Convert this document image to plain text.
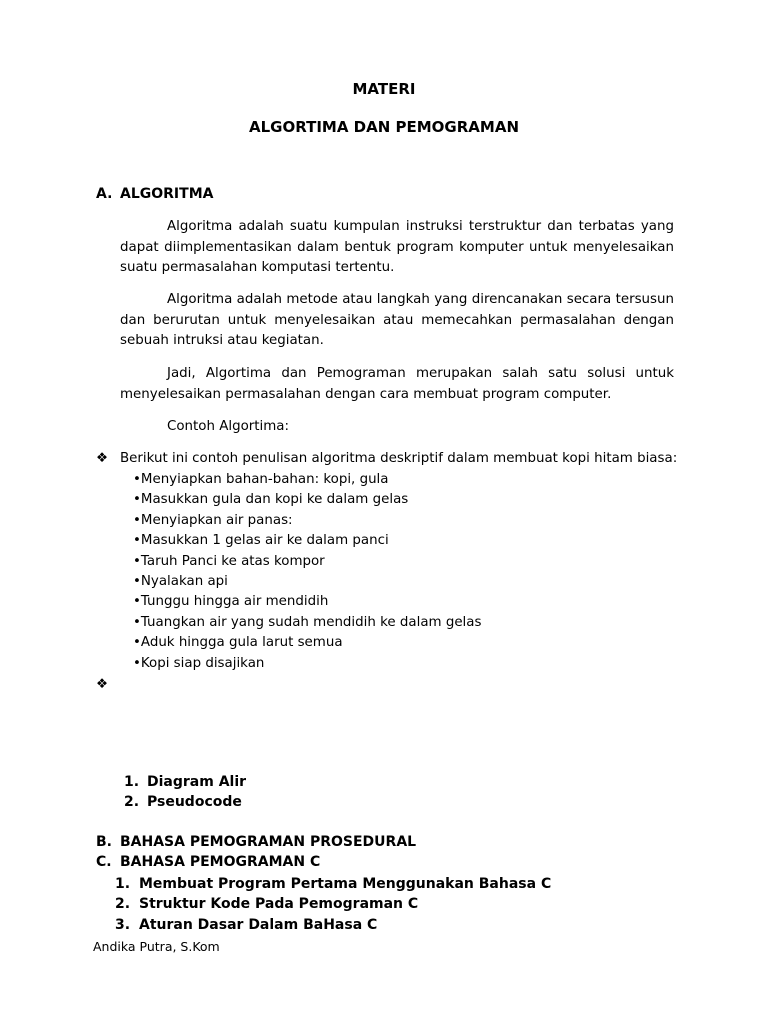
MATERI
ALGORTIMA DAN PEMOGRAMAN
A. ALGORITMA
Algoritma adalah suatu kumpulan instruksi terstruktur dan terbatas yang dapat diimplementasikan dalam bentuk program komputer untuk menyelesaikan suatu permasalahan komputasi tertentu.
Algoritma adalah metode atau langkah yang direncanakan secara tersusun dan berurutan untuk menyelesaikan atau memecahkan permasalahan dengan sebuah intruksi atau kegiatan.
Jadi, Algortima dan Pemograman merupakan salah satu solusi untuk menyelesaikan permasalahan dengan cara membuat program computer.
Contoh Algortima:
❖ Berikut ini contoh penulisan algoritma deskriptif dalam membuat kopi hitam biasa:
•Menyiapkan bahan-bahan: kopi, gula
•Masukkan gula dan kopi ke dalam gelas
•Menyiapkan air panas:
•Masukkan 1 gelas air ke dalam panci
•Taruh Panci ke atas kompor
•Nyalakan api
•Tunggu hingga air mendidih
•Tuangkan air yang sudah mendidih ke dalam gelas
•Aduk hingga gula larut semua
•Kopi siap disajikan
❖
1. Diagram Alir
2. Pseudocode
B. BAHASA PEMOGRAMAN PROSEDURAL
C. BAHASA PEMOGRAMAN C
1. Membuat Program Pertama Menggunakan Bahasa C
2. Struktur Kode Pada Pemograman C
3. Aturan Dasar Dalam BaHasa C
Andika Putra, S.Kom
